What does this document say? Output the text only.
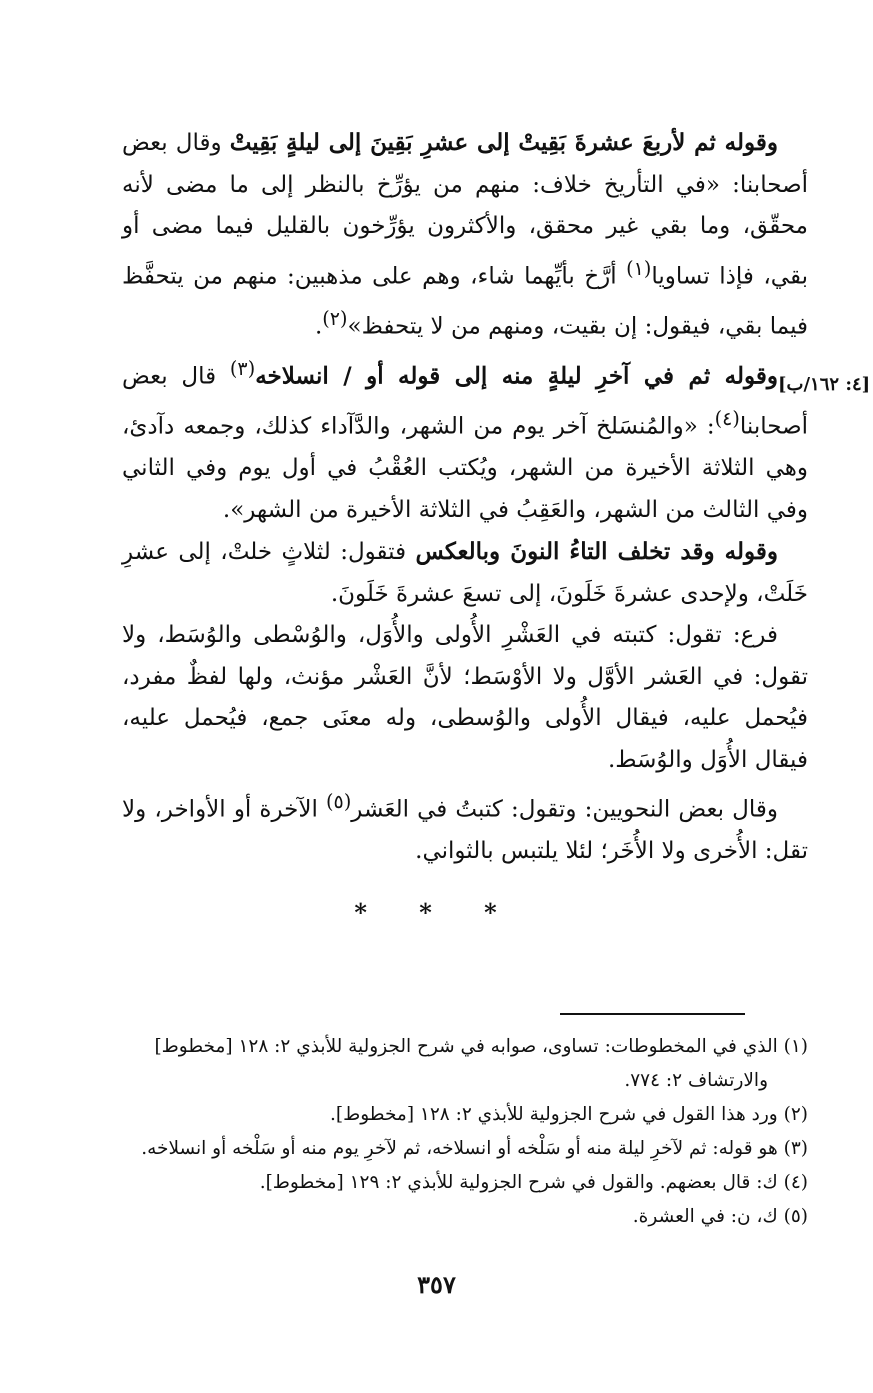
[٤: ١٦٢/ب]

وقوله ثم لأربعَ عشرةَ بَقِيتْ إلى عشرِ بَقِينَ إلى ليلةٍ بَقِيتْ وقال بعض أصحابنا: «في التأريخ خلاف: منهم من يؤرِّخ بالنظر إلى ما مضى لأنه محقّق، وما بقي غير محقق، والأكثرون يؤرِّخون بالقليل فيما مضى أو بقي، فإذا تساويا$^{(١)}$ أرَّخ بأيِّهما شاء، وهم على مذهبين: منهم من يتحفَّظ فيما بقي، فيقول: إن بقيت، ومنهم من لا يتحفظ»$^{(٢)}$.

وقوله ثم في آخرِ ليلةٍ منه إلى قوله أو / انسلاخه$^{(٣)}$ قال بعض أصحابنا$^{(٤)}$: «والمُنسَلخ آخر يوم من الشهر، والدَّآداء كذلك، وجمعه دآدئ، وهي الثلاثة الأخيرة من الشهر، ويُكتب العُقْبُ في أول يوم وفي الثاني وفي الثالث من الشهر، والعَقِبُ في الثلاثة الأخيرة من الشهر».

وقوله وقد تخلف التاءُ النونَ وبالعكس فتقول: لثلاثٍ خلتْ، إلى عشرِ خَلَتْ، ولإحدى عشرةَ خَلَونَ، إلى تسعَ عشرةَ خَلَونَ.

فرع: تقول: كتبته في العَشْرِ الأُولى والأُوَل، والوُسْطى والوُسَط، ولا تقول: في العَشر الأوَّل ولا الأوْسَط؛ لأنَّ العَشْر مؤنث، ولها لفظٌ مفرد، فيُحمل عليه، فيقال الأُولى والوُسطى، وله معنَى جمع، فيُحمل عليه، فيقال الأُوَل والوُسَط.

وقال بعض النحويين: وتقول: كتبتُ في العَشر$^{(٥)}$ الآخرة أو الأواخر، ولا تقل: الأُخرى ولا الأُخَر؛ لئلا يلتبس بالثواني.

* * *
(١) الذي في المخطوطات: تساوى، صوابه في شرح الجزولية للأبذي ٢: ١٢٨ [مخطوط]
والارتشاف ٢: ٧٧٤.
(٢) ورد هذا القول في شرح الجزولية للأبذي ٢: ١٢٨ [مخطوط].
(٣) هو قوله: ثم لآخرِ ليلة منه أو سَلْخه أو انسلاخه، ثم لآخرِ يوم منه أو سَلْخه أو انسلاخه.
(٤) ك: قال بعضهم. والقول في شرح الجزولية للأبذي ٢: ١٢٩ [مخطوط].
(٥) ك، ن: في العشرة.
٣٥٧
